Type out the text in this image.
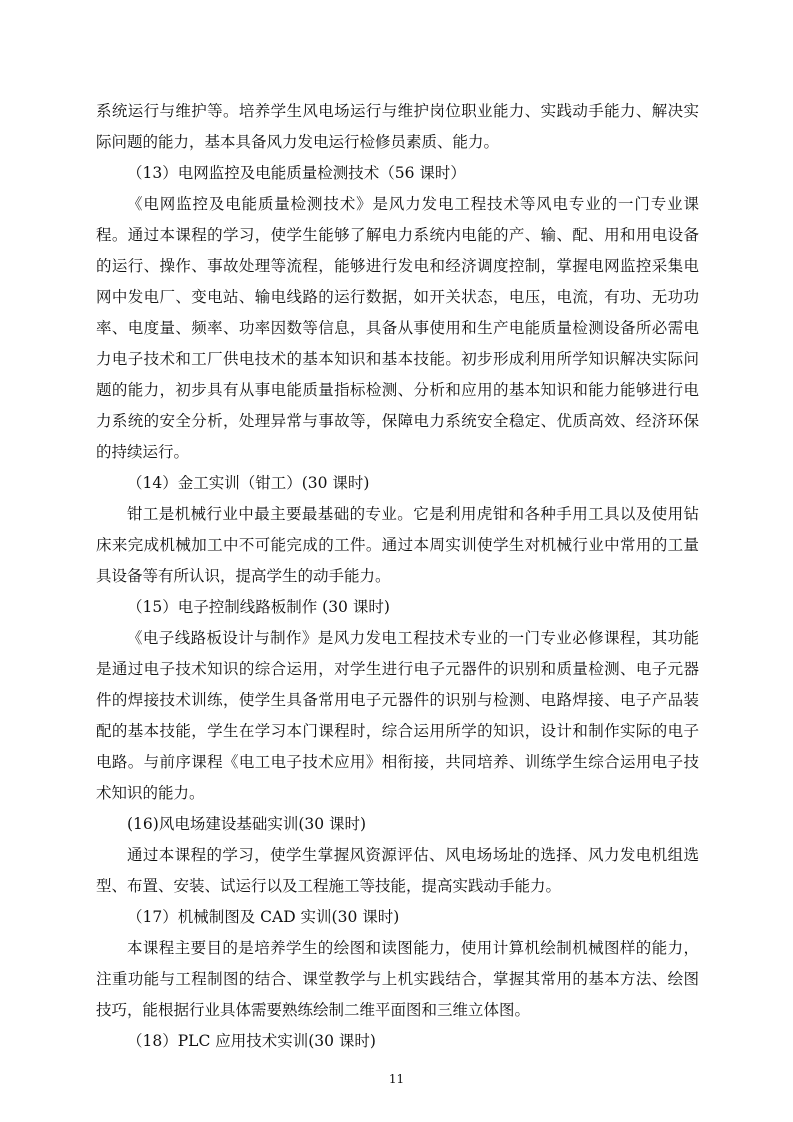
系统运行与维护等。培养学生风电场运行与维护岗位职业能力、实践动手能力、解决实际问题的能力，基本具备风力发电运行检修员素质、能力。

（13）电网监控及电能质量检测技术（56 课时）

《电网监控及电能质量检测技术》是风力发电工程技术等风电专业的一门专业课程。通过本课程的学习，使学生能够了解电力系统内电能的产、输、配、用和用电设备的运行、操作、事故处理等流程，能够进行发电和经济调度控制，掌握电网监控采集电网中发电厂、变电站、输电线路的运行数据，如开关状态，电压，电流，有功、无功功率、电度量、频率、功率因数等信息，具备从事使用和生产电能质量检测设备所必需电力电子技术和工厂供电技术的基本知识和基本技能。初步形成利用所学知识解决实际问题的能力，初步具有从事电能质量指标检测、分析和应用的基本知识和能力能够进行电力系统的安全分析，处理异常与事故等，保障电力系统安全稳定、优质高效、经济环保的持续运行。

（14）金工实训（钳工）(30 课时)

钳工是机械行业中最主要最基础的专业。它是利用虎钳和各种手用工具以及使用钻床来完成机械加工中不可能完成的工件。通过本周实训使学生对机械行业中常用的工量具设备等有所认识，提高学生的动手能力。

（15）电子控制线路板制作 (30 课时)

《电子线路板设计与制作》是风力发电工程技术专业的一门专业必修课程，其功能是通过电子技术知识的综合运用，对学生进行电子元器件的识别和质量检测、电子元器件的焊接技术训练，使学生具备常用电子元器件的识别与检测、电路焊接、电子产品装配的基本技能，学生在学习本门课程时，综合运用所学的知识，设计和制作实际的电子电路。与前序课程《电工电子技术应用》相衔接，共同培养、训练学生综合运用电子技术知识的能力。

(16)风电场建设基础实训(30 课时)

通过本课程的学习，使学生掌握风资源评估、风电场场址的选择、风力发电机组选型、布置、安装、试运行以及工程施工等技能，提高实践动手能力。

（17）机械制图及 CAD 实训(30 课时)

本课程主要目的是培养学生的绘图和读图能力，使用计算机绘制机械图样的能力，注重功能与工程制图的结合、课堂教学与上机实践结合，掌握其常用的基本方法、绘图技巧，能根据行业具体需要熟练绘制二维平面图和三维立体图。

（18）PLC 应用技术实训(30 课时)

11
